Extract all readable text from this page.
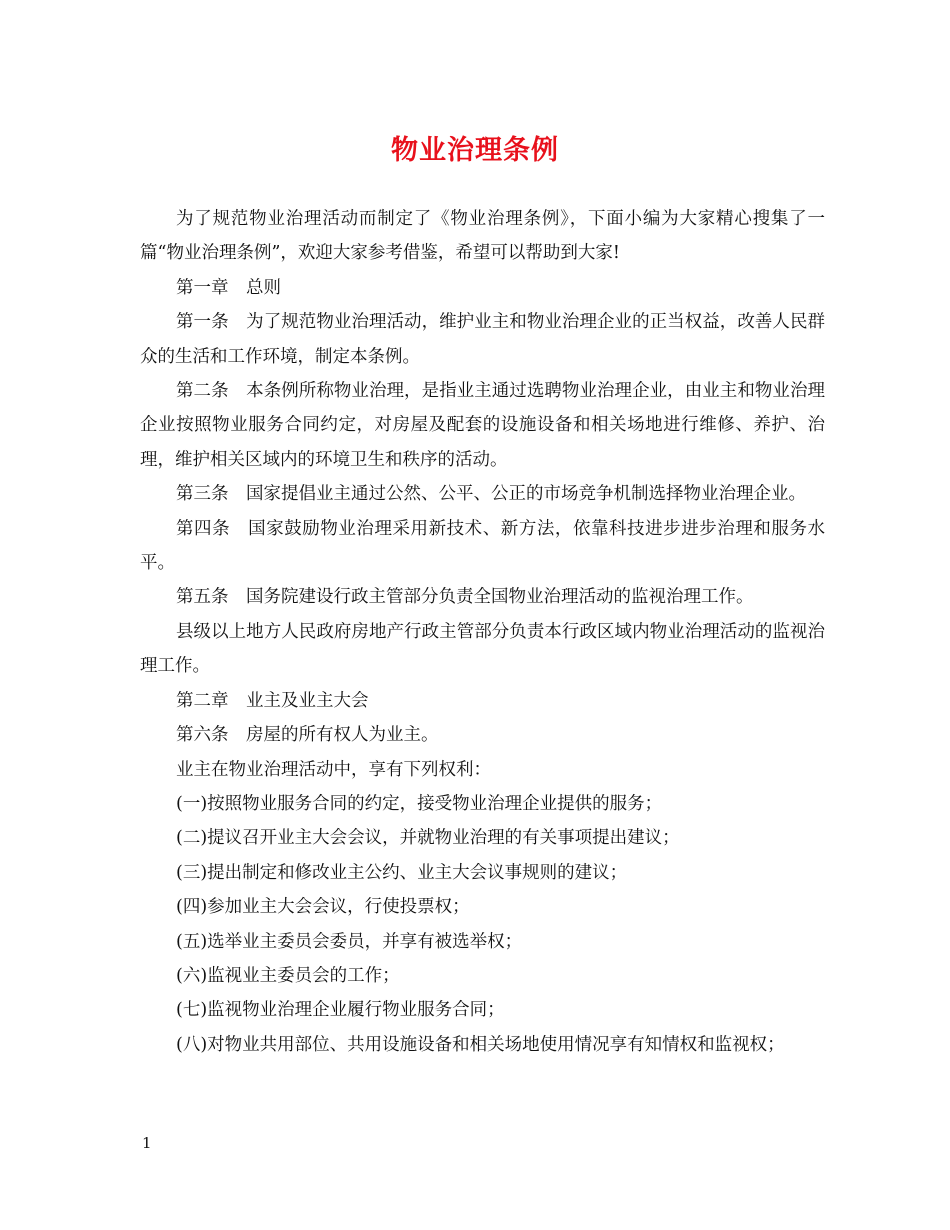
物业治理条例

为了规范物业治理活动而制定了《物业治理条例》，下面小编为大家精心搜集了一篇“物业治理条例”，欢迎大家参考借鉴，希望可以帮助到大家!

第一章　总则

第一条　为了规范物业治理活动，维护业主和物业治理企业的正当权益，改善人民群众的生活和工作环境，制定本条例。

第二条　本条例所称物业治理，是指业主通过选聘物业治理企业，由业主和物业治理企业按照物业服务合同约定，对房屋及配套的设施设备和相关场地进行维修、养护、治理，维护相关区域内的环境卫生和秩序的活动。

第三条　国家提倡业主通过公然、公平、公正的市场竞争机制选择物业治理企业。

第四条　国家鼓励物业治理采用新技术、新方法，依靠科技进步进步治理和服务水平。

第五条　国务院建设行政主管部分负责全国物业治理活动的监视治理工作。

县级以上地方人民政府房地产行政主管部分负责本行政区域内物业治理活动的监视治理工作。

第二章　业主及业主大会

第六条　房屋的所有权人为业主。

业主在物业治理活动中，享有下列权利：

(一)按照物业服务合同的约定，接受物业治理企业提供的服务；

(二)提议召开业主大会会议，并就物业治理的有关事项提出建议；

(三)提出制定和修改业主公约、业主大会议事规则的建议；

(四)参加业主大会会议，行使投票权；

(五)选举业主委员会委员，并享有被选举权；

(六)监视业主委员会的工作；

(七)监视物业治理企业履行物业服务合同；

(八)对物业共用部位、共用设施设备和相关场地使用情况享有知情权和监视权；

1
